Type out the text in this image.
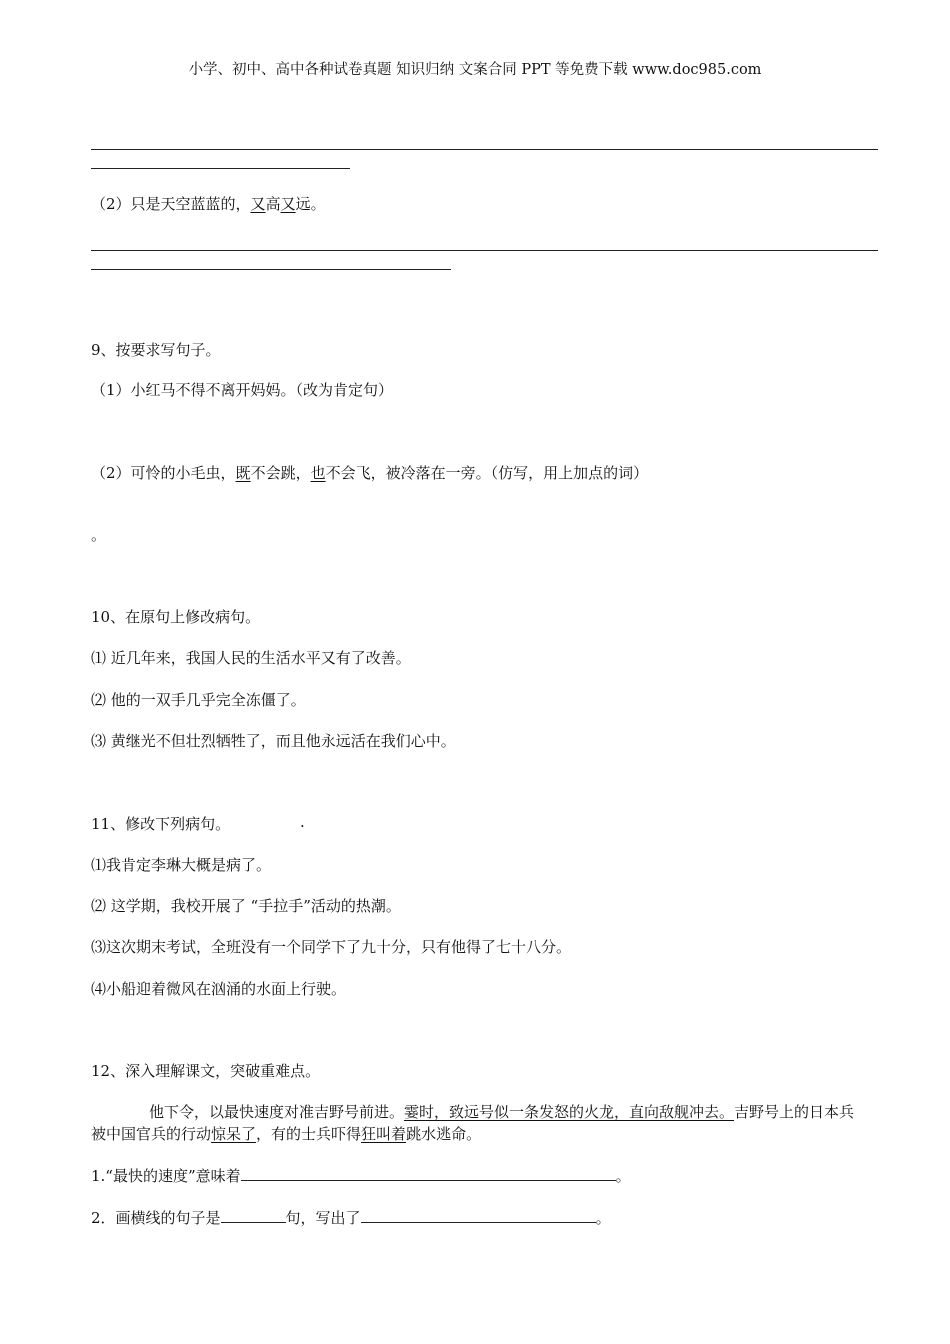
小学、初中、高中各种试卷真题 知识归纳 文案合同 PPT 等免费下载 www.doc985.com
（2）只是天空蓝蓝的，又高又远。
9、按要求写句子。
（1）小红马不得不离开妈妈。（改为肯定句）
（2）可怜的小毛虫，既不会跳，也不会飞，被冷落在一旁。（仿写，用上加点的词）
。
10、在原句上修改病句。
⑴ 近几年来，我国人民的生活水平又有了改善。
⑵ 他的一双手几乎完全冻僵了。
⑶ 黄继光不但壮烈牺牲了，而且他永远活在我们心中。
11、修改下列病句。	.
⑴我肯定李琳大概是病了。
⑵ 这学期，我校开展了 “手拉手”活动的热潮。
⑶这次期末考试，全班没有一个同学下了九十分，只有他得了七十八分。
⑷小船迎着微风在汹涌的水面上行驶。
12、深入理解课文，突破重难点。
他下令，以最快速度对准吉野号前进。霎时，致远号似一条发怒的火龙，直向敌舰冲去。吉野号上的日本兵被中国官兵的行动惊呆了，有的士兵吓得狂叫着跳水逃命。
1.“最快的速度”意味着	。
2．画横线的句子是	句，写出了	。
